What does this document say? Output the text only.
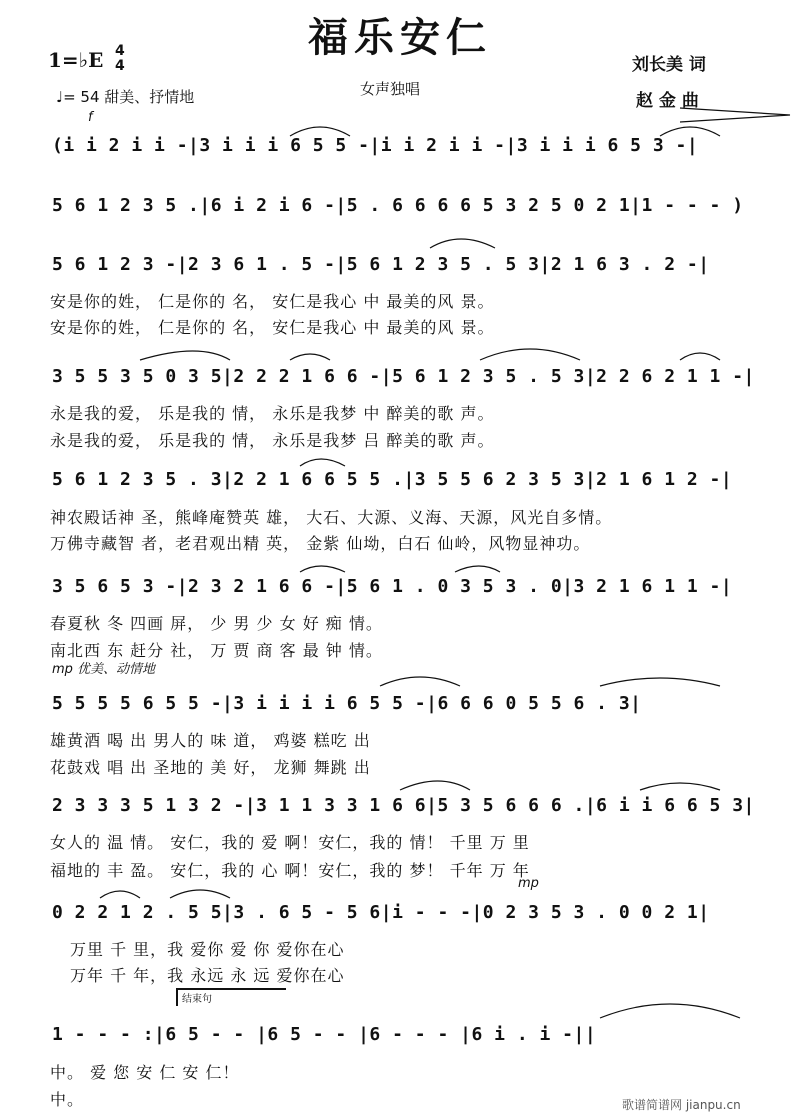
福乐安仁
1=♭E 4
4
♩= 54 甜美、抒情地	女声独唱
刘长美 词
赵 金 曲
f
mp 优美、动情地
mp
结束句
(i i 2 i i -|3 i i i 6 5 5 -|i i 2 i i -|3 i i i 6 5 3 -|
5 6 1 2 3 5 .|6 i 2 i 6 -|5 . 6 6 6 6 5 3 2 5 0 2 1|1 - - - )
5 6 1 2 3 -|2 3 6 1 . 5 -|5 6 1 2 3 5 . 5 3|2 1 6 3 . 2 -|
安是你的姓， 仁是你的 名， 安仁是我心 中 最美的风 景。
安是你的姓， 仁是你的 名， 安仁是我心 中 最美的风 景。
3 5 5 3 5 0 3 5|2 2 2 1 6 6 -|5 6 1 2 3 5 . 5 3|2 2 6 2 1 1 -|
永是我的爱， 乐是我的 情， 永乐是我梦 中 醉美的歌 声。
永是我的爱， 乐是我的 情， 永乐是我梦 吕 醉美的歌 声。
5 6 1 2 3 5 . 3|2 2 1 6 6 5 5 .|3 5 5 6 2 3 5 3|2 1 6 1 2 -|
神农殿话神 圣，熊峰庵赞英 雄， 大石、大源、义海、天源，风光自多情。
万佛寺藏智 者，老君观出精 英， 金紫 仙坳，白石 仙岭，风物显神功。
3 5 6 5 3 -|2 3 2 1 6 6 -|5 6 1 . 0 3 5 3 . 0|3 2 1 6 1 1 -|
春夏秋 冬 四画 屏， 少 男 少 女 好 痴 情。
南北西 东 赶分 社， 万 贾 商 客 最 钟 情。
5 5 5 5 6 5 5 -|3 i i i i 6 5 5 -|6 6 6 0 5 5 6 . 3|
雄黄酒 喝 出 男人的 味 道， 鸡婆 糕吃 出
花鼓戏 唱 出 圣地的 美 好， 龙狮 舞跳 出
2 3 3 3 5 1 3 2 -|3 1 1 3 3 1 6 6|5 3 5 6 6 6 .|6 i i 6 6 5 3|
女人的 温 情。 安仁，我的 爱 啊！安仁，我的 情！ 千里 万 里
福地的 丰 盈。 安仁，我的 心 啊！安仁，我的 梦！ 千年 万 年
0 2 2 1 2 . 5 5|3 . 6 5 - 5 6|i - - -|0 2 3 5 3 . 0 0 2 1|
万里 千 里，我 爱你 爱 你 爱你在心
万年 千 年，我 永远 永 远 爱你在心
1 - - - :|6 5 - - |6 5 - - |6 - - - |6 i . i -||
中。 爱 您 安 仁 安 仁！
中。	歌谱简谱网 jianpu.cn
